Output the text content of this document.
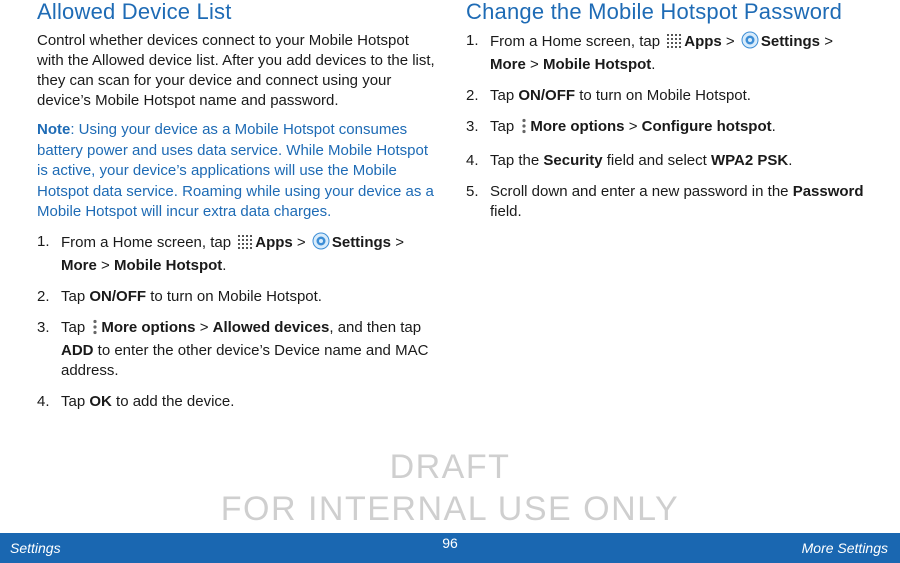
Allowed Device List

Control whether devices connect to your Mobile Hotspot with the Allowed device list. After you add devices to the list, they can scan for your device and connect using your device’s Mobile Hotspot name and password.

Note: Using your device as a Mobile Hotspot consumes battery power and uses data service. While Mobile Hotspot is active, your device’s applications will use the Mobile Hotspot data service. Roaming while using your device as a Mobile Hotspot will incur extra data charges.

1. From a Home screen, tap Apps > Settings > More > Mobile Hotspot.
2. Tap ON/OFF to turn on Mobile Hotspot.
3. Tap More options > Allowed devices, and then tap ADD to enter the other device’s Device name and MAC address.
4. Tap OK to add the device.
Change the Mobile Hotspot Password
1. From a Home screen, tap Apps > Settings > More > Mobile Hotspot.
2. Tap ON/OFF to turn on Mobile Hotspot.
3. Tap More options > Configure hotspot.
4. Tap the Security field and select WPA2 PSK.
5. Scroll down and enter a new password in the Password field.
DRAFT
FOR INTERNAL USE ONLY
Settings	96	More Settings
